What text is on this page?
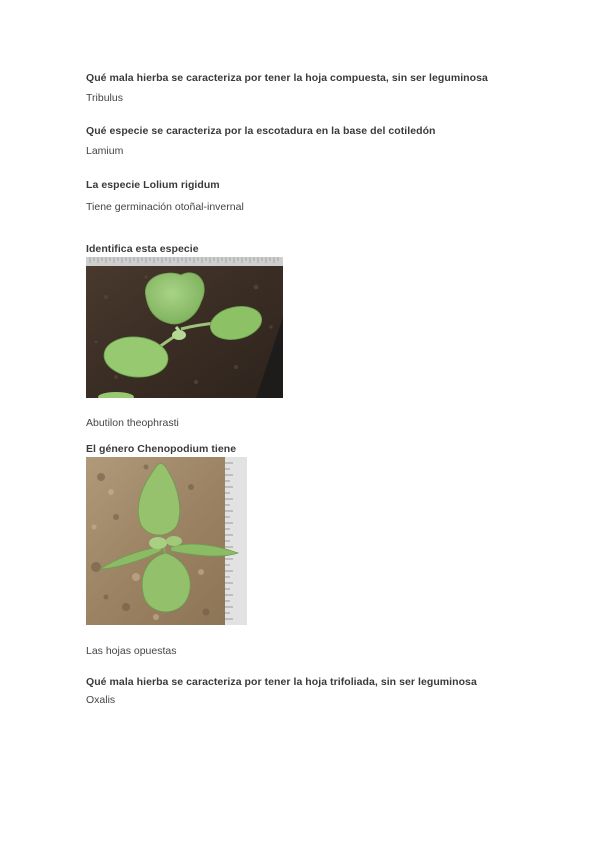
Qué mala hierba se caracteriza por tener la hoja compuesta, sin ser leguminosa
Tribulus
Qué especie se caracteriza por la escotadura en la base del cotiledón
Lamium
La especie Lolium rigidum
Tiene germinación otoñal-invernal
Identifica esta especie
Abutilon theophrasti
El género Chenopodium tiene
Las hojas opuestas
Qué mala hierba se caracteriza por tener la hoja trifoliada, sin ser leguminosa
Oxalis
